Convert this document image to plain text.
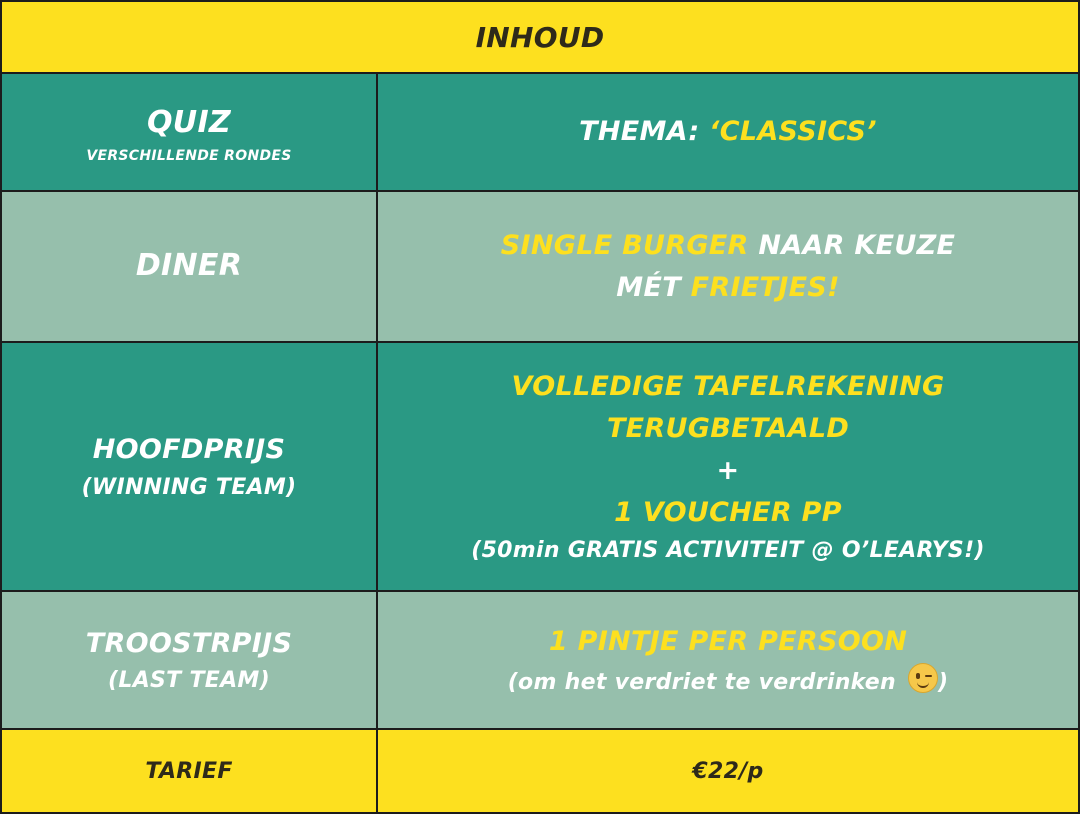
INHOUD
QUIZ
VERSCHILLENDE RONDES
THEMA: ‘CLASSICS’
DINER
SINGLE BURGER NAAR KEUZE
MÉT FRIETJES!
HOOFDPRIJS
(WINNING TEAM)
VOLLEDIGE TAFELREKENING
TERUGBETAALD
+
1 VOUCHER PP
(50min GRATIS ACTIVITEIT @ O’LEARYS!)
TROOSTRPIJS
(LAST TEAM)
1 PINTJE PER PERSOON
(om het verdriet te verdrinken
)
TARIEF	€22/p
